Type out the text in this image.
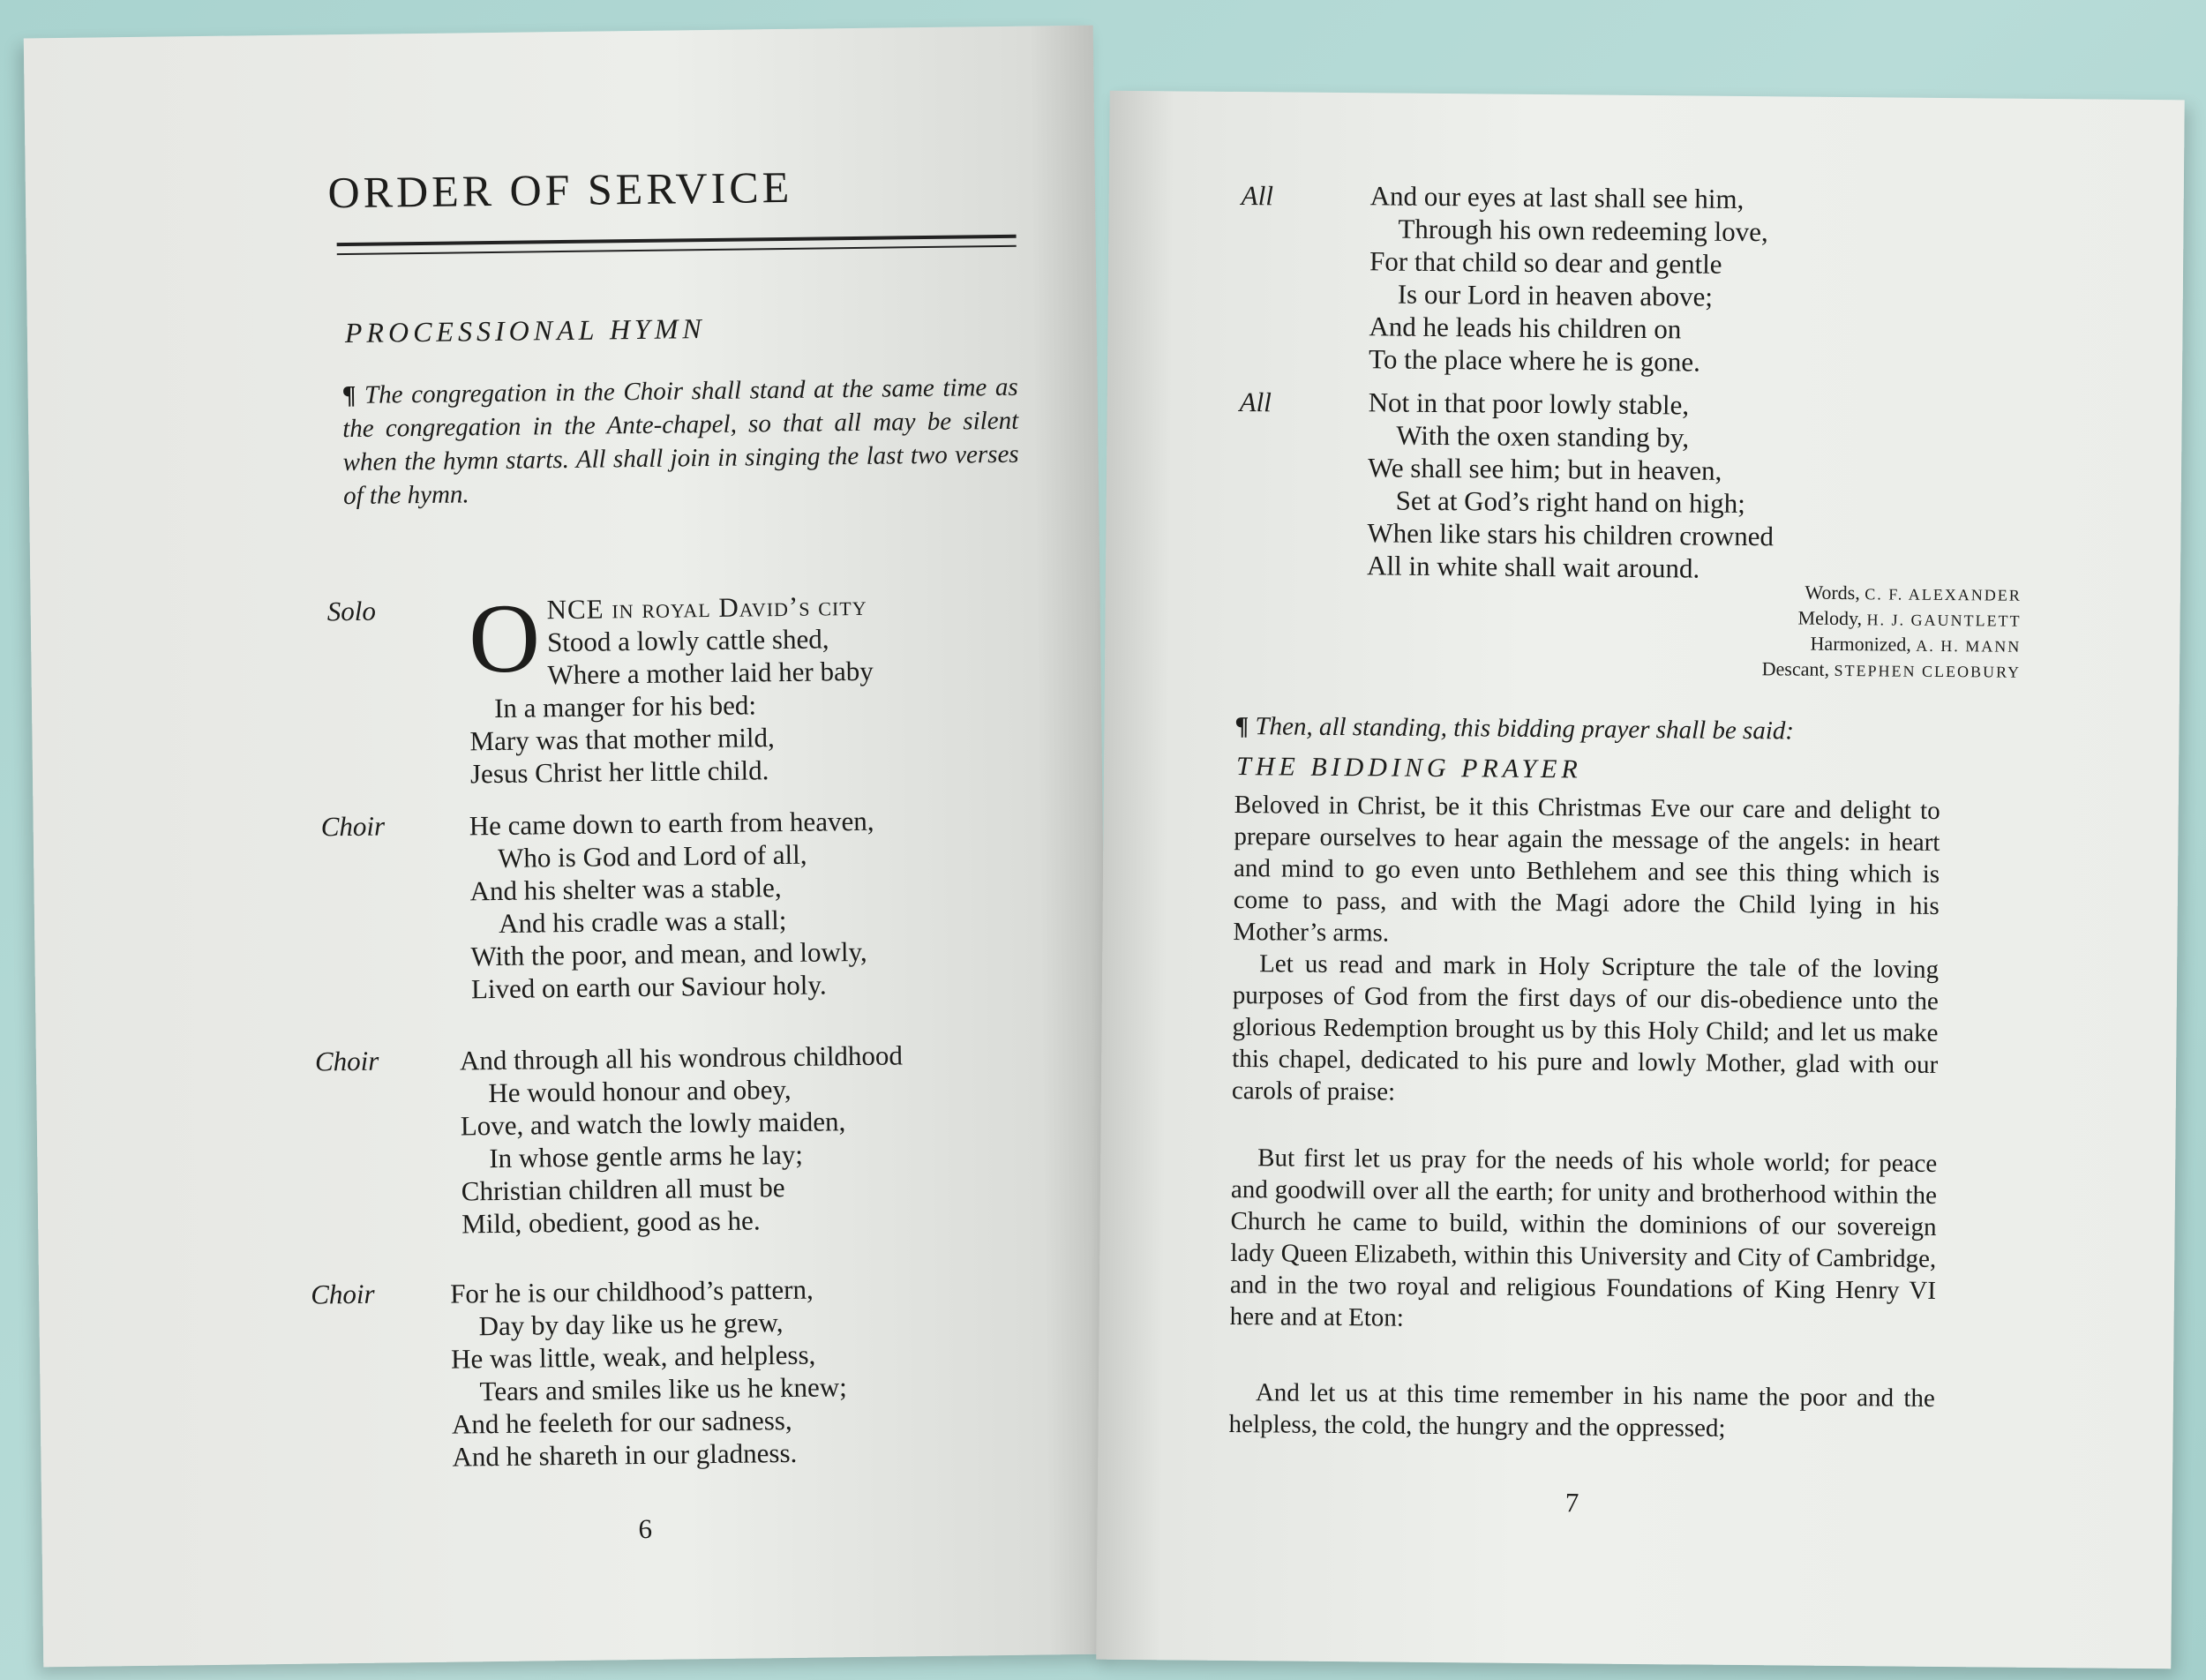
ORDER OF SERVICE
PROCESSIONAL HYMN
¶ The congregation in the Choir shall stand at the same time as the congregation in the Ante-chapel, so that all may be silent when the hymn starts. All shall join in singing the last two verses of the hymn.
Solo O NCE in royal David’s city
Stood a lowly cattle shed,
Where a mother laid her baby
In a manger for his bed:
Mary was that mother mild,
Jesus Christ her little child.
Choir	He came down to earth from heaven,
Who is God and Lord of all,
And his shelter was a stable,
And his cradle was a stall;
With the poor, and mean, and lowly,
Lived on earth our Saviour holy.
Choir	And through all his wondrous childhood
He would honour and obey,
Love, and watch the lowly maiden,
In whose gentle arms he lay;
Christian children all must be
Mild, obedient, good as he.
Choir	For he is our childhood’s pattern,
Day by day like us he grew,
He was little, weak, and helpless,
Tears and smiles like us he knew;
And he feeleth for our sadness,
And he shareth in our gladness.
6
All	And our eyes at last shall see him,
Through his own redeeming love,
For that child so dear and gentle
Is our Lord in heaven above;
And he leads his children on
To the place where he is gone.
All	Not in that poor lowly stable,
With the oxen standing by,
We shall see him; but in heaven,
Set at God’s right hand on high;
When like stars his children crowned
All in white shall wait around.
Words, C. F. ALEXANDER
Melody, H. J. GAUNTLETT
Harmonized, A. H. MANN
Descant, STEPHEN CLEOBURY
¶ Then, all standing, this bidding prayer shall be said:
THE BIDDING PRAYER
Beloved in Christ, be it this Christmas Eve our care and delight to prepare ourselves to hear again the message of the angels: in heart and mind to go even unto Bethlehem and see this thing which is come to pass, and with the Magi adore the Child lying in his Mother’s arms.
Let us read and mark in Holy Scripture the tale of the loving purposes of God from the first days of our dis-obedience unto the glorious Redemption brought us by this Holy Child; and let us make this chapel, dedicated to his pure and lowly Mother, glad with our carols of praise:
But first let us pray for the needs of his whole world; for peace and goodwill over all the earth; for unity and brotherhood within the Church he came to build, within the dominions of our sovereign lady Queen Elizabeth, within this University and City of Cambridge, and in the two royal and religious Foundations of King Henry VI here and at Eton:
And let us at this time remember in his name the poor and the helpless, the cold, the hungry and the oppressed;
7
